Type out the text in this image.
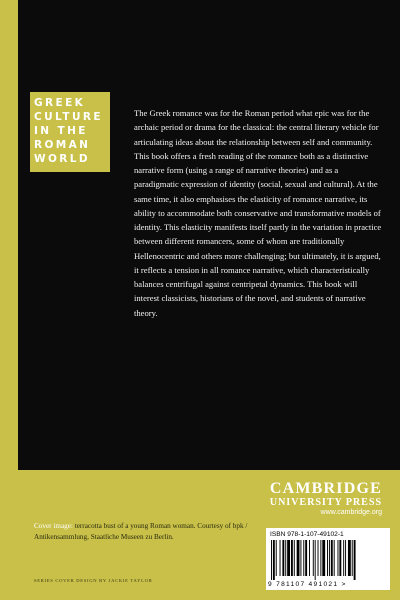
GREEK
CULTURE
IN THE
ROMAN
WORLD

The Greek romance was for the Roman period what epic was for the archaic period or drama for the classical: the central literary vehicle for articulating ideas about the relationship between self and community. This book offers a fresh reading of the romance both as a distinctive narrative form (using a range of narrative theories) and as a paradigmatic expression of identity (social, sexual and cultural). At the same time, it also emphasises the elasticity of romance narrative, its ability to accommodate both conservative and transformative models of identity. This elasticity manifests itself partly in the variation in practice between different romancers, some of whom are traditionally Hellenocentric and others more challenging; but ultimately, it is argued, it reflects a tension in all romance narrative, which characteristically balances centrifugal against centripetal dynamics. This book will interest classicists, historians of the novel, and students of narrative theory.

Cover image: terracotta bust of a young Roman woman. Courtesy of bpk / Antikensammlung, Staatliche Museen zu Berlin.
SERIES COVER DESIGN BY JACKIE TAYLOR
CAMBRIDGE
UNIVERSITY PRESS
www.cambridge.org
ISBN 978-1-107-49102-1
9 781107 491021 >
